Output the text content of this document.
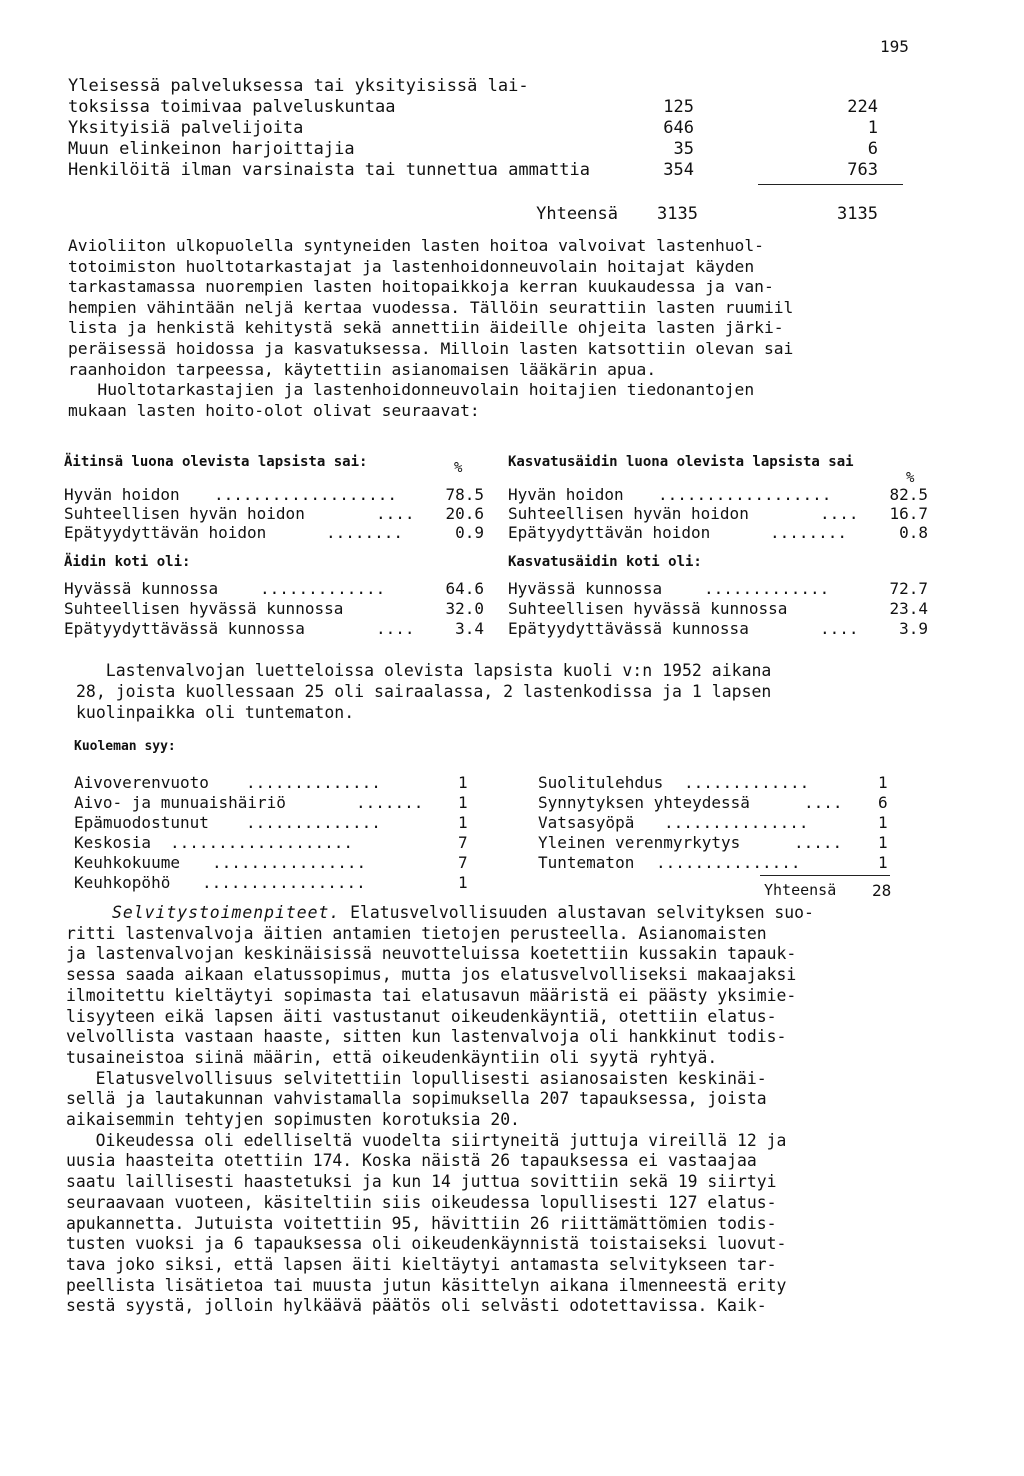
195
Yleisessä palveluksessa tai yksityisissä lai-
toksissa toimivaa palveluskuntaa	125	224
Yksityisiä palvelijoita	646	1
Muun elinkeinon harjoittajia	35	6
Henkilöitä ilman varsinaista tai tunnettua ammattia	354	763
Yhteensä 3135	3135
Avioliiton ulkopuolella syntyneiden lasten hoitoa valvoivat lastenhuol-
totoimiston huoltotarkastajat ja lastenhoidonneuvolain hoitajat käyden
tarkastamassa nuorempien lasten hoitopaikkoja kerran kuukaudessa ja van-
hempien vähintään neljä kertaa vuodessa. Tällöin seurattiin lasten ruumiil
lista ja henkistä kehitystä sekä annettiin äideille ohjeita lasten järki-
peräisessä hoidossa ja kasvatuksessa. Milloin lasten katsottiin olevan sai
raanhoidon tarpeessa, käytettiin asianomaisen lääkärin apua.
Huoltotarkastajien ja lastenhoidonneuvolain hoitajien tiedonantojen
mukaan lasten hoito-olot olivat seuraavat:
Äitinsä luona olevista lapsista sai:	%
Hyvän hoidon ...................	78.5
Suhteellisen hyvän hoidon	.... 20.6
Epätyydyttävän hoidon	........	0.9
Äidin koti oli:
Hyvässä kunnossa	.............	64.6
Suhteellisen hyvässä kunnossa	32.0
Epätyydyttävässä kunnossa	....	3.4
Kasvatusäidin luona olevista lapsista sai
%
Hyvän hoidon ..................	82.5
Suhteellisen hyvän hoidon	.... 16.7
Epätyydyttävän hoidon	........	0.8
Kasvatusäidin koti oli:
Hyvässä kunnossa	.............	72.7
Suhteellisen hyvässä kunnossa	23.4
Epätyydyttävässä kunnossa	....	3.9
Lastenvalvojan luetteloissa olevista lapsista kuoli v:n 1952 aikana
28, joista kuollessaan 25 oli sairaalassa, 2 lastenkodissa ja 1 lapsen
kuolinpaikka oli tuntematon.
Kuoleman syy:
Aivoverenvuoto ..............	1
Aivo- ja munuaishäiriö	....... 1
Epämuodostunut ..............	1
Keskosia ...................	7
Keuhkokuume ................	7
Keuhkopöhö .................	1
Suolitulehdus .............	1
Synnytyksen yhteydessä	.... 6
Vatsasyöpä ...............	1
Yleinen verenmyrkytys	..... 1
Tuntematon ...............	1
Yhteensä 28
Selvitystoimenpiteet. Elatusvelvollisuuden alustavan selvityksen suo-
ritti lastenvalvoja äitien antamien tietojen perusteella. Asianomaisten
ja lastenvalvojan keskinäisissä neuvotteluissa koetettiin kussakin tapauk-
sessa saada aikaan elatussopimus, mutta jos elatusvelvolliseksi makaajaksi
ilmoitettu kieltäytyi sopimasta tai elatusavun määristä ei päästy yksimie-
lisyyteen eikä lapsen äiti vastustanut oikeudenkäyntiä, otettiin elatus-
velvollista vastaan haaste, sitten kun lastenvalvoja oli hankkinut todis-
tusaineistoa siinä määrin, että oikeudenkäyntiin oli syytä ryhtyä.
Elatusvelvollisuus selvitettiin lopullisesti asianosaisten keskinäi-
sellä ja lautakunnan vahvistamalla sopimuksella 207 tapauksessa, joista
aikaisemmin tehtyjen sopimusten korotuksia 20.
Oikeudessa oli edelliseltä vuodelta siirtyneitä juttuja vireillä 12 ja
uusia haasteita otettiin 174. Koska näistä 26 tapauksessa ei vastaajaa
saatu laillisesti haastetuksi ja kun 14 juttua sovittiin sekä 19 siirtyi
seuraavaan vuoteen, käsiteltiin siis oikeudessa lopullisesti 127 elatus-
apukannetta. Jutuista voitettiin 95, hävittiin 26 riittämättömien todis-
tusten vuoksi ja 6 tapauksessa oli oikeudenkäynnistä toistaiseksi luovut-
tava joko siksi, että lapsen äiti kieltäytyi antamasta selvitykseen tar-
peellista lisätietoa tai muusta jutun käsittelyn aikana ilmenneestä erity
sestä syystä, jolloin hylkäävä päätös oli selvästi odotettavissa. Kaik-
